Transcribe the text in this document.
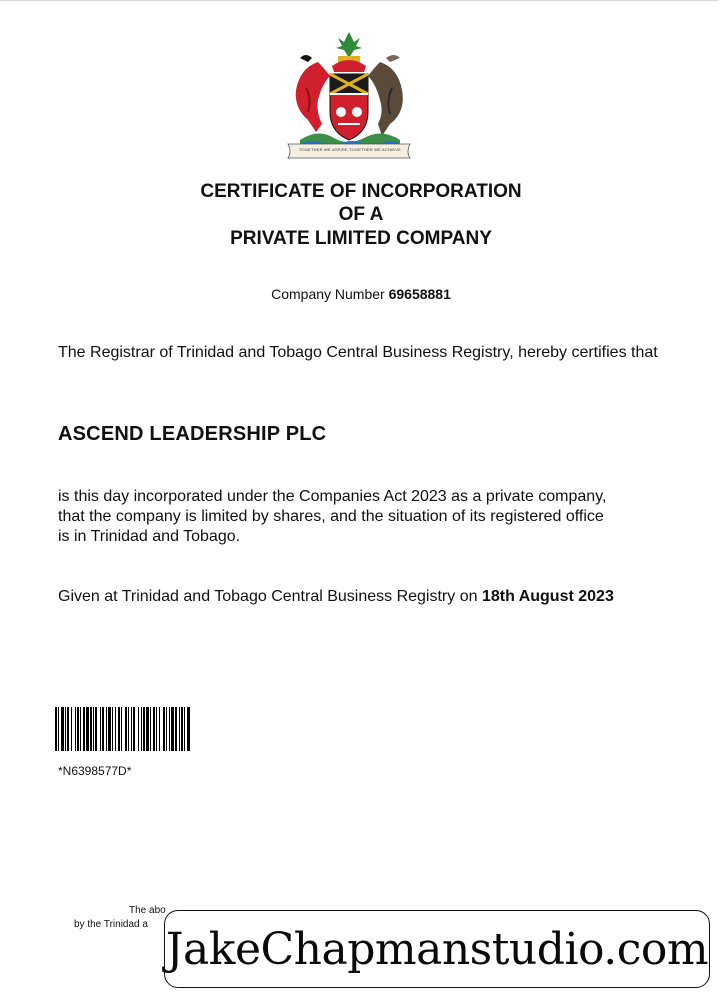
TOGETHER WE ASPIRE TOGETHER WE ACHIEVE
CERTIFICATE OF INCORPORATION
OF A
PRIVATE LIMITED COMPANY
Company Number 69658881
The Registrar of Trinidad and Tobago Central Business Registry, hereby certifies that
ASCEND LEADERSHIP PLC
is this day incorporated under the Companies Act 2023 as a private company, that the company is limited by shares, and the situation of its registered office is in Trinidad and Tobago.
Given at Trinidad and Tobago Central Business Registry on 18th August 2023
*N6398577D*
The abo
by the Trinidad a JakeChapmanstudio.com
